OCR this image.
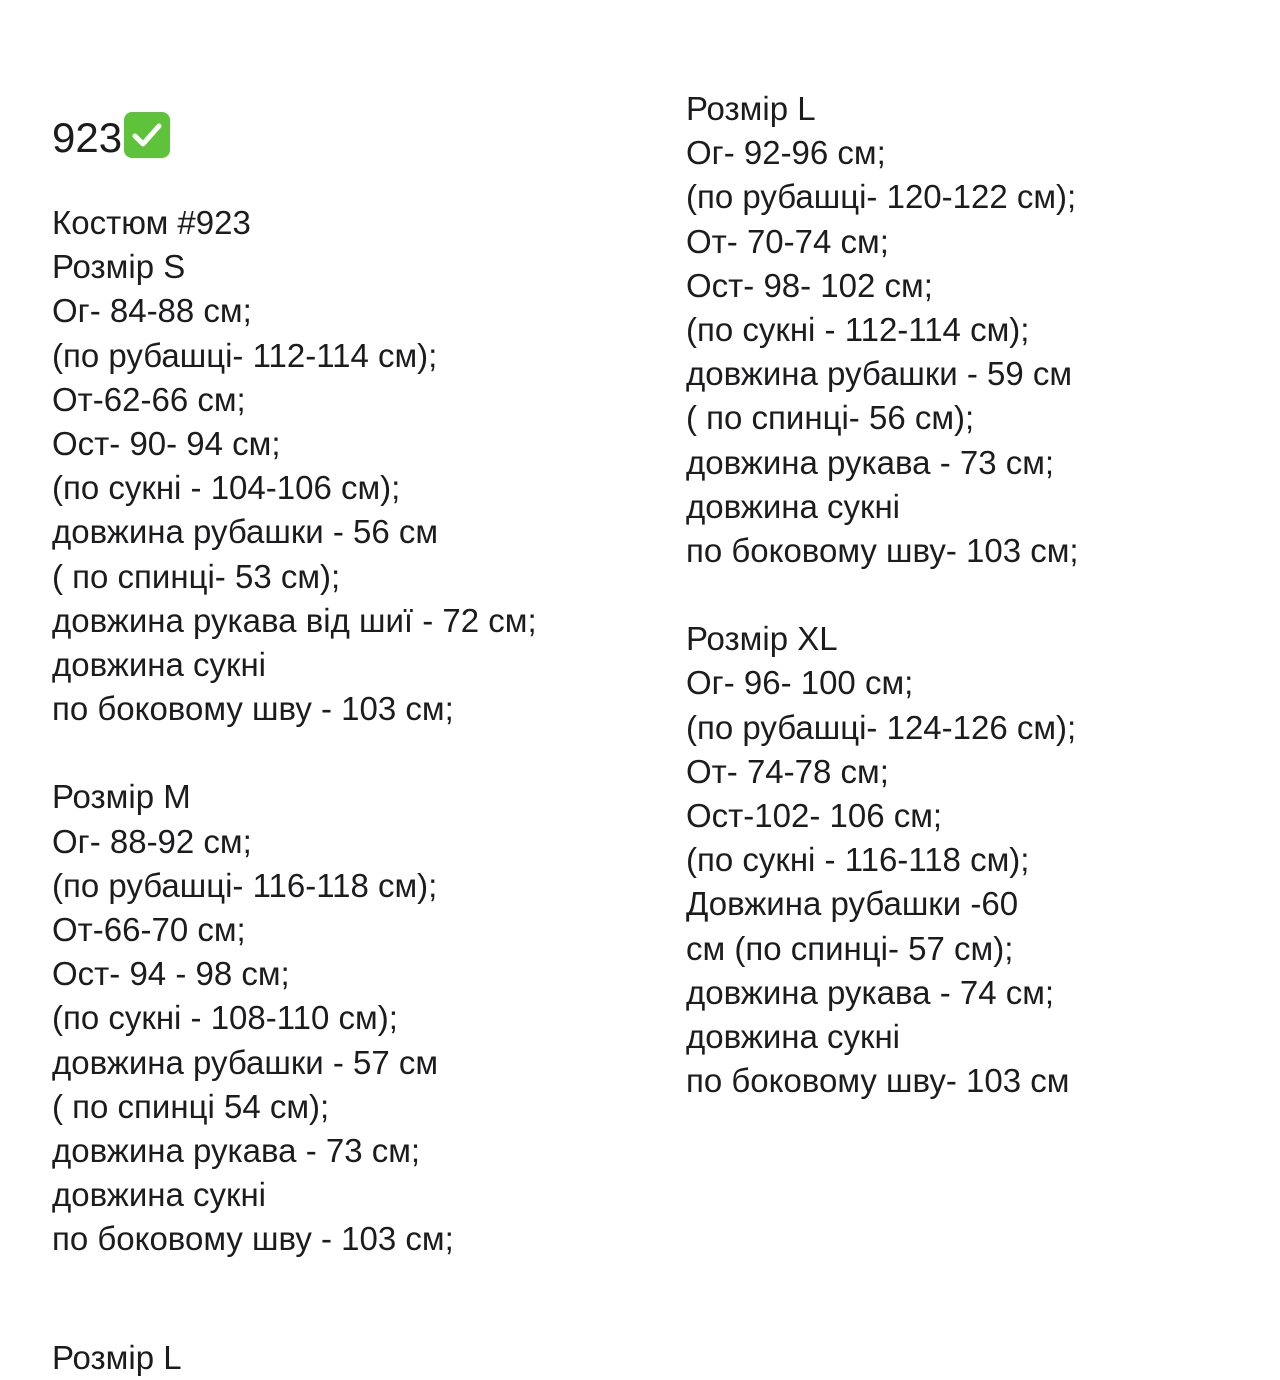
923
Костюм #923
Розмір S
Ог- 84-88 см;
(по рубашці- 112-114 см);
От-62-66 см;
Ост- 90- 94 см;
(по сукні - 104-106 см);
довжина рубашки - 56 см
( по спинці- 53 см);
довжина рукава від шиї - 72 см;
довжина сукні
по боковому шву - 103 см;
Розмір M
Ог- 88-92 см;
(по рубашці- 116-118 см);
От-66-70 см;
Ост- 94 - 98 см;
(по сукні - 108-110 см);
довжина рубашки - 57 см
( по спинці 54 см);
довжина рукава - 73 см;
довжина сукні
по боковому шву - 103 см;
Розмір L
Розмір L
Ог- 92-96 см;
(по рубашці- 120-122 см);
От- 70-74 см;
Ост- 98- 102 см;
(по сукні - 112-114 см);
довжина рубашки - 59 см
( по спинці- 56 см);
довжина рукава - 73 см;
довжина сукні
по боковому шву- 103 см;
Розмір XL
Ог- 96- 100 см;
(по рубашці- 124-126 см);
От- 74-78 см;
Ост-102- 106 см;
(по сукні - 116-118 см);
Довжина рубашки -60
см (по спинці- 57 см);
довжина рукава - 74 см;
довжина сукні
по боковому шву- 103 см
